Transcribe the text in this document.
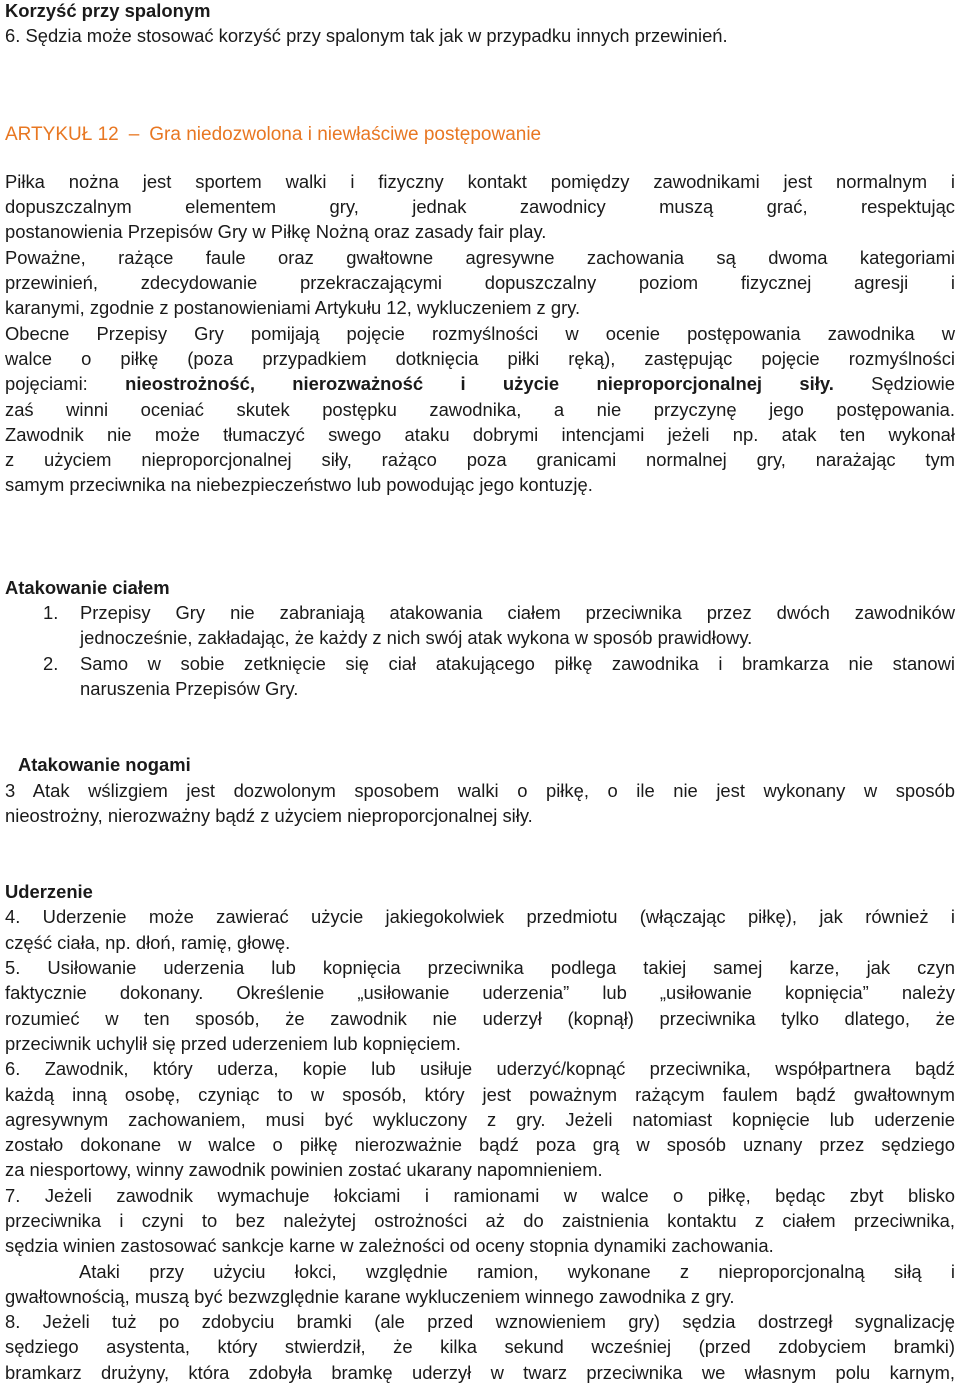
Korzyść przy spalonym
6. Sędzia może stosować korzyść przy spalonym tak jak w przypadku innych przewinień.
ARTYKUŁ 12 – Gra niedozwolona i niewłaściwe postępowanie
Piłka nożna jest sportem walki i fizyczny kontakt pomiędzy zawodnikami jest normalnym i
dopuszczalnym elementem gry, jednak zawodnicy muszą grać, respektując
postanowienia Przepisów Gry w Piłkę Nożną oraz zasady fair play.
Poważne, rażące faule oraz gwałtowne agresywne zachowania są dwoma kategoriami
przewinień, zdecydowanie przekraczającymi dopuszczalny poziom fizycznej agresji i
karanymi, zgodnie z postanowieniami Artykułu 12, wykluczeniem z gry.
Obecne Przepisy Gry pomijają pojęcie rozmyślności w ocenie postępowania zawodnika w
walce o piłkę (poza przypadkiem dotknięcia piłki ręką), zastępując pojęcie rozmyślności
pojęciami: nieostrożność, nierozważność i użycie nieproporcjonalnej siły. Sędziowie
zaś winni oceniać skutek postępku zawodnika, a nie przyczynę jego postępowania.
Zawodnik nie może tłumaczyć swego ataku dobrymi intencjami jeżeli np. atak ten wykonał
z użyciem nieproporcjonalnej siły, rażąco poza granicami normalnej gry, narażając tym
samym przeciwnika na niebezpieczeństwo lub powodując jego kontuzję.
Atakowanie ciałem
1.	Przepisy Gry nie zabraniają atakowania ciałem przeciwnika przez dwóch zawodników
jednocześnie, zakładając, że każdy z nich swój atak wykona w sposób prawidłowy.
2.	Samo w sobie zetknięcie się ciał atakującego piłkę zawodnika i bramkarza nie stanowi
naruszenia Przepisów Gry.
Atakowanie nogami
3 Atak wślizgiem jest dozwolonym sposobem walki o piłkę, o ile nie jest wykonany w sposób
nieostrożny, nierozważny bądź z użyciem nieproporcjonalnej siły.
Uderzenie
4. Uderzenie może zawierać użycie jakiegokolwiek przedmiotu (włączając piłkę), jak również i
część ciała, np. dłoń, ramię, głowę.
5. Usiłowanie uderzenia lub kopnięcia przeciwnika podlega takiej samej karze, jak czyn
faktycznie dokonany. Określenie „usiłowanie uderzenia” lub „usiłowanie kopnięcia” należy
rozumieć w ten sposób, że zawodnik nie uderzył (kopnął) przeciwnika tylko dlatego, że
przeciwnik uchylił się przed uderzeniem lub kopnięciem.
6. Zawodnik, który uderza, kopie lub usiłuje uderzyć/kopnąć przeciwnika, współpartnera bądź
każdą inną osobę, czyniąc to w sposób, który jest poważnym rażącym faulem bądź gwałtownym
agresywnym zachowaniem, musi być wykluczony z gry. Jeżeli natomiast kopnięcie lub uderzenie
zostało dokonane w walce o piłkę nierozważnie bądź poza grą w sposób uznany przez sędziego
za niesportowy, winny zawodnik powinien zostać ukarany napomnieniem.
7. Jeżeli zawodnik wymachuje łokciami i ramionami w walce o piłkę, będąc zbyt blisko
przeciwnika i czyni to bez należytej ostrożności aż do zaistnienia kontaktu z ciałem przeciwnika,
sędzia winien zastosować sankcje karne w zależności od oceny stopnia dynamiki zachowania.
Ataki przy użyciu łokci, względnie ramion, wykonane z nieproporcjonalną siłą i
gwałtownością, muszą być bezwzględnie karane wykluczeniem winnego zawodnika z gry.
8. Jeżeli tuż po zdobyciu bramki (ale przed wznowieniem gry) sędzia dostrzegł sygnalizację
sędziego asystenta, który stwierdził, że kilka sekund wcześniej (przed zdobyciem bramki)
bramkarz drużyny, która zdobyła bramkę uderzył w twarz przeciwnika we własnym polu karnym,
